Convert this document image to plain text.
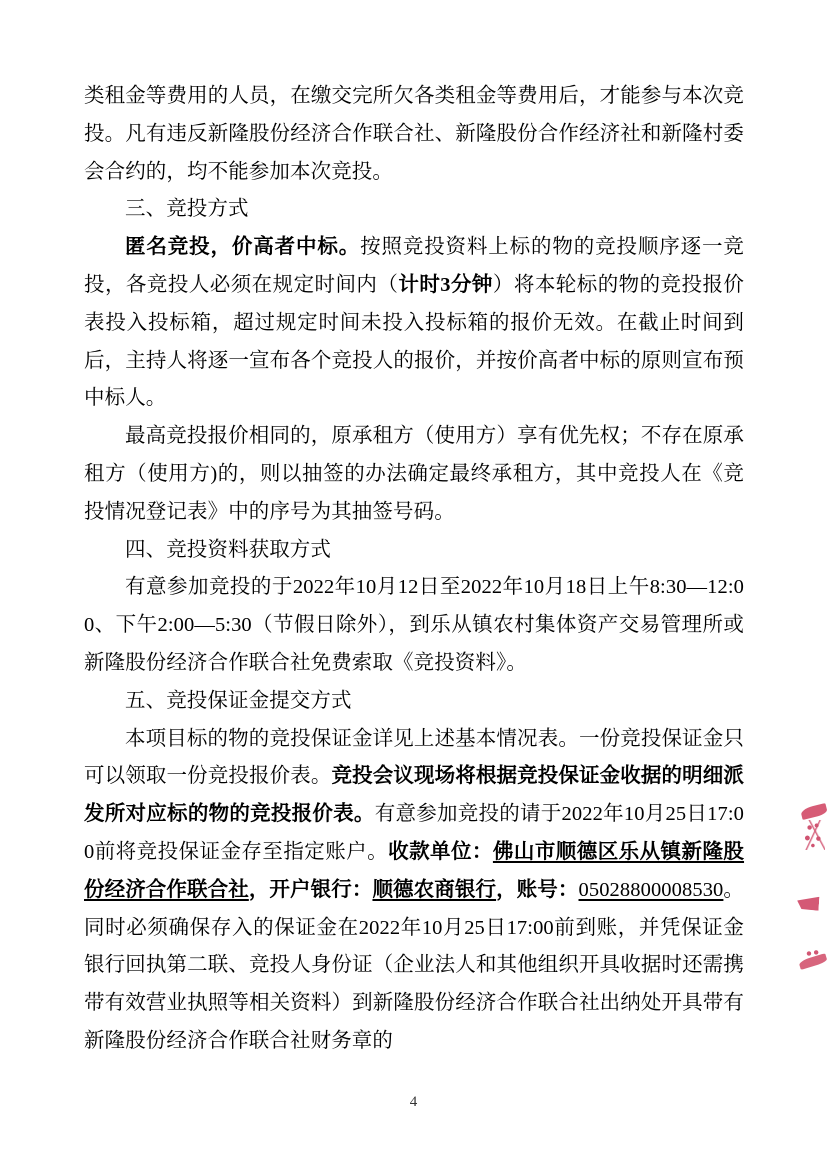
类租金等费用的人员，在缴交完所欠各类租金等费用后，才能参与本次竞投。凡有违反新隆股份经济合作联合社、新隆股份合作经济社和新隆村委会合约的，均不能参加本次竞投。

三、竞投方式

匿名竞投，价高者中标。按照竞投资料上标的物的竞投顺序逐一竞投，各竞投人必须在规定时间内（计时3分钟）将本轮标的物的竞投报价表投入投标箱，超过规定时间未投入投标箱的报价无效。在截止时间到后，主持人将逐一宣布各个竞投人的报价，并按价高者中标的原则宣布预中标人。

最高竞投报价相同的，原承租方（使用方）享有优先权；不存在原承租方（使用方)的，则以抽签的办法确定最终承租方，其中竞投人在《竞投情况登记表》中的序号为其抽签号码。

四、竞投资料获取方式

有意参加竞投的于2022年10月12日至2022年10月18日上午8:30—12:00、下午2:00—5:30（节假日除外），到乐从镇农村集体资产交易管理所或新隆股份经济合作联合社免费索取《竞投资料》。

五、竞投保证金提交方式

本项目标的物的竞投保证金详见上述基本情况表。一份竞投保证金只可以领取一份竞投报价表。竞投会议现场将根据竞投保证金收据的明细派发所对应标的物的竞投报价表。有意参加竞投的请于2022年10月25日17:00前将竞投保证金存至指定账户。收款单位：佛山市顺德区乐从镇新隆股份经济合作联合社，开户银行：顺德农商银行，账号：05028800008530。同时必须确保存入的保证金在2022年10月25日17:00前到账，并凭保证金银行回执第二联、竞投人身份证（企业法人和其他组织开具收据时还需携带有效营业执照等相关资料）到新隆股份经济合作联合社出纳处开具带有新隆股份经济合作联合社财务章的

4
